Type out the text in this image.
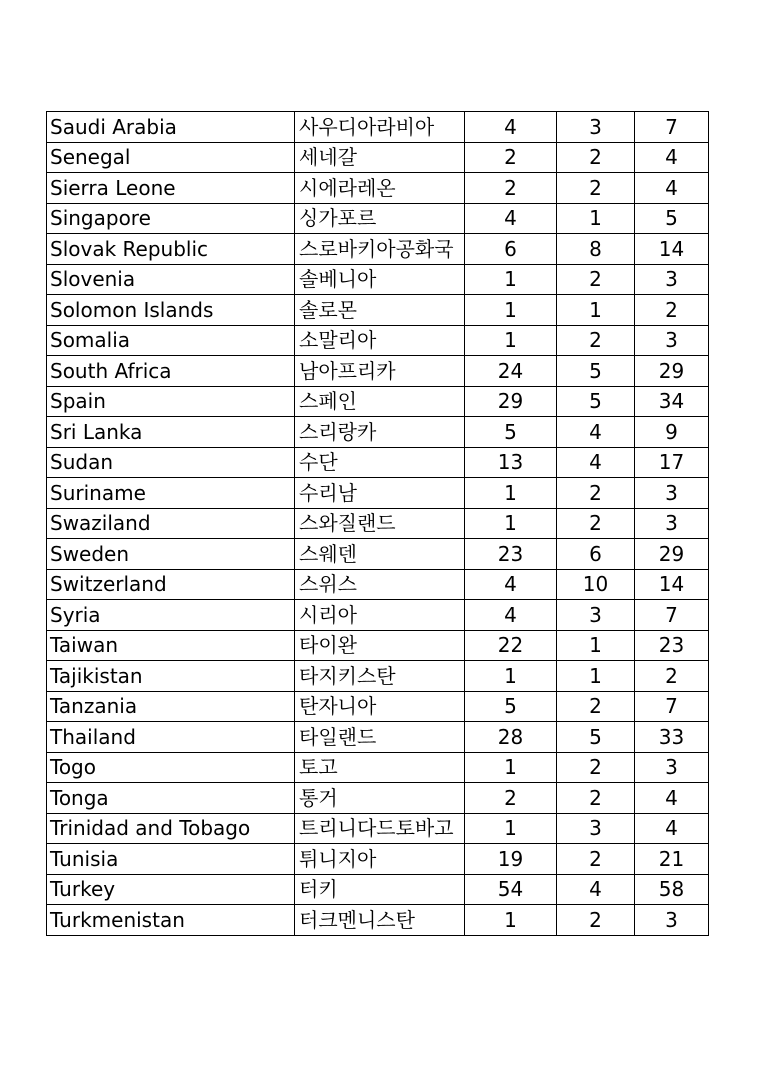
Saudi Arabia	사우디아라비아	4	3	7
Senegal	세네갈	2	2	4
Sierra Leone	시에라레온	2	2	4
Singapore	싱가포르	4	1	5
Slovak Republic	스로바키아공화국	6	8	14
Slovenia	솔베니아	1	2	3
Solomon Islands	솔로몬	1	1	2
Somalia	소말리아	1	2	3
South Africa	남아프리카	24	5	29
Spain	스페인	29	5	34
Sri Lanka	스리랑카	5	4	9
Sudan	수단	13	4	17
Suriname	수리남	1	2	3
Swaziland	스와질랜드	1	2	3
Sweden	스웨덴	23	6	29
Switzerland	스위스	4	10	14
Syria	시리아	4	3	7
Taiwan	타이완	22	1	23
Tajikistan	타지키스탄	1	1	2
Tanzania	탄자니아	5	2	7
Thailand	타일랜드	28	5	33
Togo	토고	1	2	3
Tonga	통거	2	2	4
Trinidad and Tobago	트리니다드토바고	1	3	4
Tunisia	튀니지아	19	2	21
Turkey	터키	54	4	58
Turkmenistan	터크멘니스탄	1	2	3
